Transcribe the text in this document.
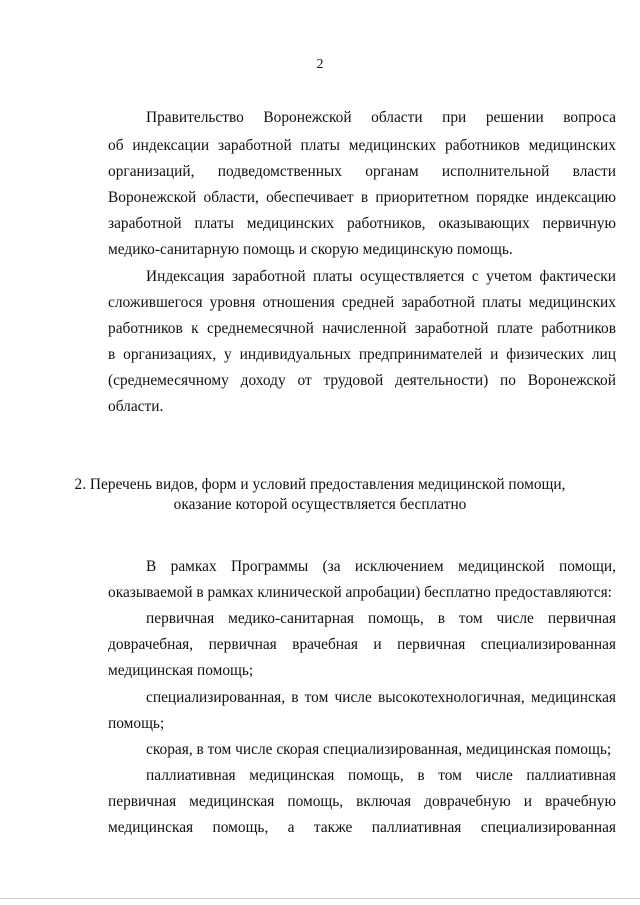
2
Правительство Воронежской области при решении вопроса
об индексации заработной платы медицинских работников медицинских
организаций, подведомственных органам исполнительной власти
Воронежской области, обеспечивает в приоритетном порядке индексацию
заработной платы медицинских работников, оказывающих первичную
медико-санитарную помощь и скорую медицинскую помощь.
Индексация заработной платы осуществляется с учетом фактически
сложившегося уровня отношения средней заработной платы медицинских
работников к среднемесячной начисленной заработной плате работников
в организациях, у индивидуальных предпринимателей и физических лиц
(среднемесячному доходу от трудовой деятельности) по Воронежской
области.
2. Перечень видов, форм и условий предоставления медицинской помощи,
оказание которой осуществляется бесплатно
В рамках Программы (за исключением медицинской помощи,
оказываемой в рамках клинической апробации) бесплатно предоставляются:
первичная медико-санитарная помощь, в том числе первичная
доврачебная, первичная врачебная и первичная специализированная
медицинская помощь;
специализированная, в том числе высокотехнологичная, медицинская
помощь;
скорая, в том числе скорая специализированная, медицинская помощь;
паллиативная медицинская помощь, в том числе паллиативная
первичная медицинская помощь, включая доврачебную и врачебную
медицинская помощь, а также паллиативная специализированная
